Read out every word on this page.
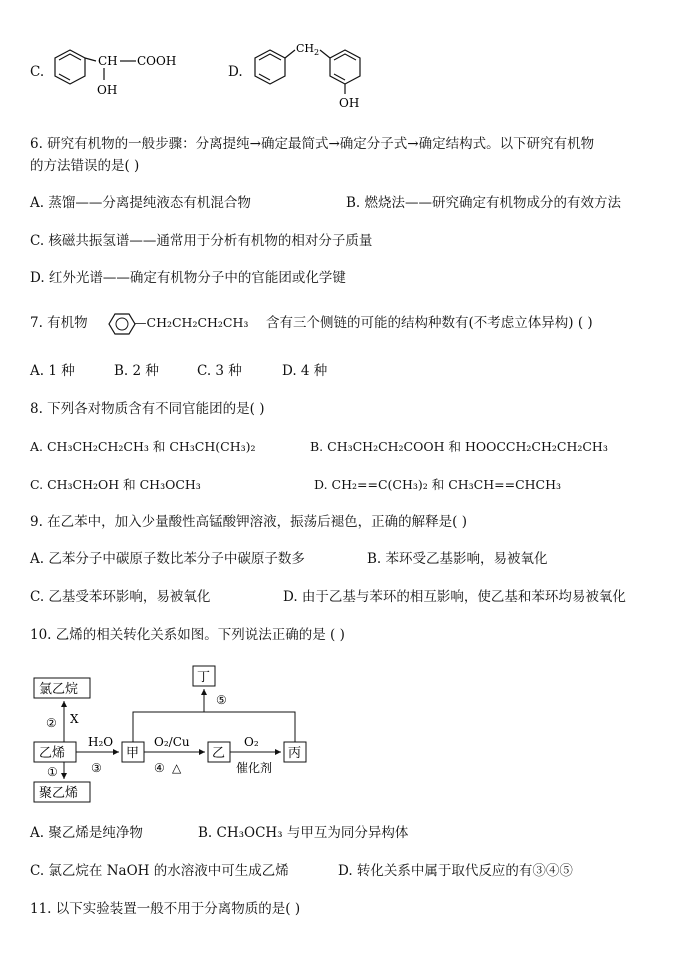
C.
CH COOH
OH
D.
$CH_2$
OH
6. 研究有机物的一般步骤：分离提纯→确定最简式→确定分子式→确定结构式。以下研究有机物
的方法错误的是( )
A. 蒸馏——分离提纯液态有机混合物	B. 燃烧法——研究确定有机物成分的有效方法
C. 核磁共振氢谱——通常用于分析有机物的相对分子质量
D. 红外光谱——确定有机物分子中的官能团或化学键
7. 有机物	—CH₂CH₂CH₂CH₃ 含有三个侧链的可能的结构种数有(不考虑立体异构) ( )
A. 1 种	B. 2 种	C. 3 种	D. 4 种
8. 下列各对物质含有不同官能团的是( )
A. CH₃CH₂CH₂CH₃ 和 CH₃CH(CH₃)₂	B. CH₃CH₂CH₂COOH 和 HOOCCH₂CH₂CH₂CH₃
C. CH₃CH₂OH 和 CH₃OCH₃	D. CH₂==C(CH₃)₂ 和 CH₃CH==CHCH₃
9. 在乙苯中，加入少量酸性高锰酸钾溶液，振荡后褪色，正确的解释是( )
A. 乙苯分子中碳原子数比苯分子中碳原子数多	B. 苯环受乙基影响，易被氧化
C. 乙基受苯环影响，易被氧化	D. 由于乙基与苯环的相互影响，使乙基和苯环均易被氧化
10. 乙烯的相关转化关系如图。下列说法正确的是 ( )
氯乙烷
乙烯
聚乙烯
甲	乙	丙
丁
② X
①
H₂O
③
O₂/Cu
④ △
O₂
催化剂
⑤
A. 聚乙烯是纯净物	B. CH₃OCH₃ 与甲互为同分异构体
C. 氯乙烷在 NaOH 的水溶液中可生成乙烯	D. 转化关系中属于取代反应的有③④⑤
11. 以下实验装置一般不用于分离物质的是( )
